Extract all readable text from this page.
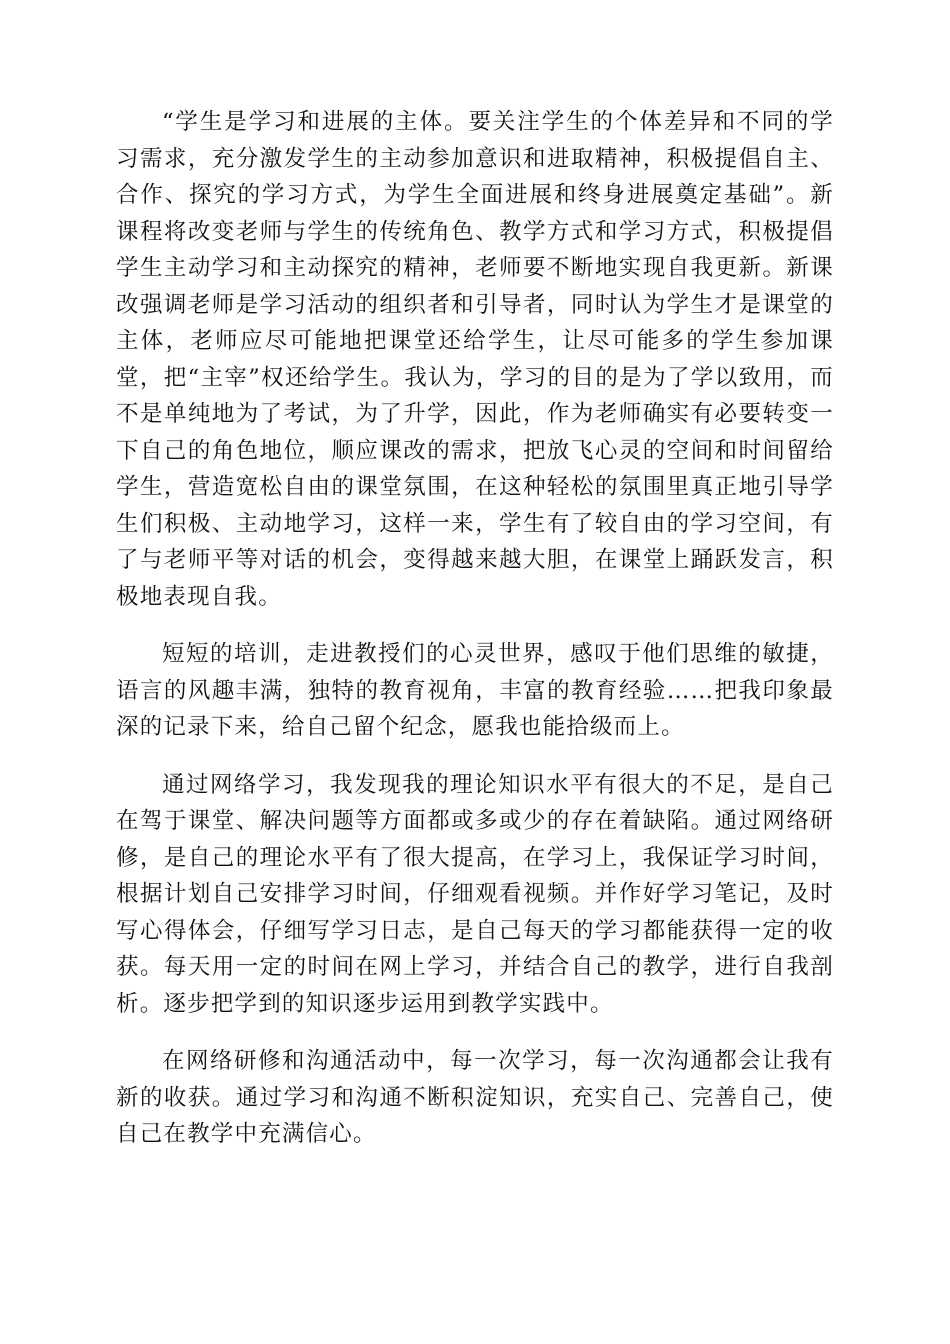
“学生是学习和进展的主体。要关注学生的个体差异和不同的学习需求，充分激发学生的主动参加意识和进取精神，积极提倡自主、合作、探究的学习方式，为学生全面进展和终身进展奠定基础”。新课程将改变老师与学生的传统角色、教学方式和学习方式，积极提倡学生主动学习和主动探究的精神，老师要不断地实现自我更新。新课改强调老师是学习活动的组织者和引导者，同时认为学生才是课堂的主体，老师应尽可能地把课堂还给学生，让尽可能多的学生参加课堂，把“主宰”权还给学生。我认为，学习的目的是为了学以致用，而不是单纯地为了考试，为了升学，因此，作为老师确实有必要转变一下自己的角色地位，顺应课改的需求，把放飞心灵的空间和时间留给学生，营造宽松自由的课堂氛围，在这种轻松的氛围里真正地引导学生们积极、主动地学习，这样一来，学生有了较自由的学习空间，有了与老师平等对话的机会，变得越来越大胆，在课堂上踊跃发言，积极地表现自我。

短短的培训，走进教授们的心灵世界，感叹于他们思维的敏捷，语言的风趣丰满，独特的教育视角，丰富的教育经验……把我印象最深的记录下来，给自己留个纪念，愿我也能拾级而上。

通过网络学习，我发现我的理论知识水平有很大的不足，是自己在驾于课堂、解决问题等方面都或多或少的存在着缺陷。通过网络研修，是自己的理论水平有了很大提高，在学习上，我保证学习时间，根据计划自己安排学习时间，仔细观看视频。并作好学习笔记，及时写心得体会，仔细写学习日志，是自己每天的学习都能获得一定的收获。每天用一定的时间在网上学习，并结合自己的教学，进行自我剖析。逐步把学到的知识逐步运用到教学实践中。

在网络研修和沟通活动中，每一次学习，每一次沟通都会让我有新的收获。通过学习和沟通不断积淀知识，充实自己、完善自己，使自己在教学中充满信心。
